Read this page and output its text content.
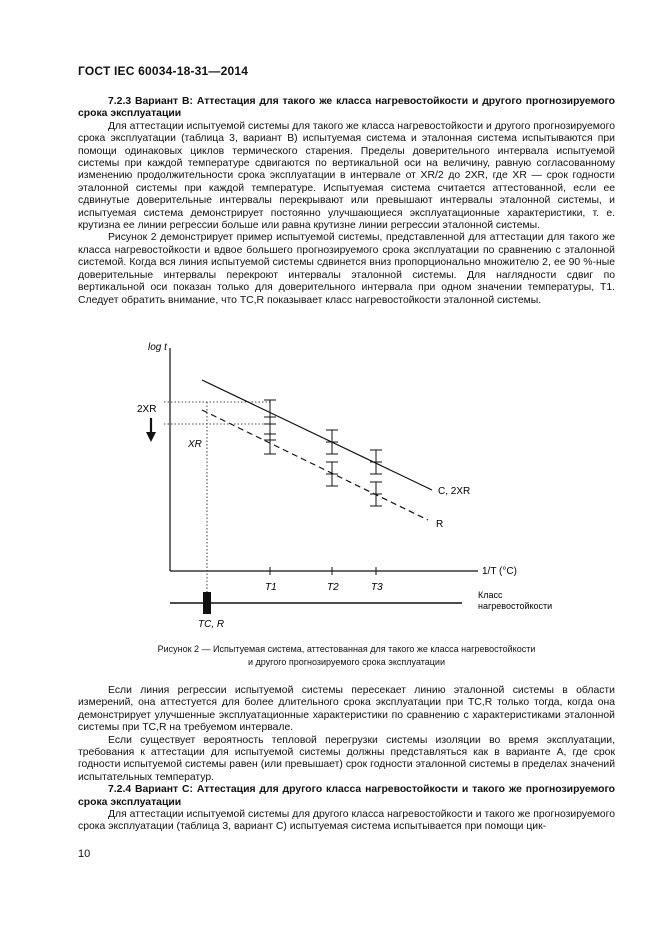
ГОСТ IEC 60034-18-31—2014

7.2.3 Вариант В: Аттестация для такого же класса нагревостойкости и другого прогнозируемого срока эксплуатации

Для аттестации испытуемой системы для такого же класса нагревостойкости и другого прогнозируемого срока эксплуатации (таблица 3, вариант В) испытуемая система и эталонная система испытываются при помощи одинаковых циклов термического старения. Пределы доверительного интервала испытуемой системы при каждой температуре сдвигаются по вертикальной оси на величину, равную согласованному изменению продолжительности срока эксплуатации в интервале от XR/2 до 2XR, где XR — срок годности эталонной системы при каждой температуре. Испытуемая система считается аттестованной, если ее сдвинутые доверительные интервалы перекрывают или превышают интервалы эталонной системы, и испытуемая система демонстрирует постоянно улучшающиеся эксплуатационные характеристики, т. е. крутизна ее линии регрессии больше или равна крутизне линии регрессии эталонной системы.

Рисунок 2 демонстрирует пример испытуемой системы, представленной для аттестации для такого же класса нагревостойкости и вдвое большего прогнозируемого срока эксплуатации по сравнению с эталонной системой. Когда вся линия испытуемой системы сдвинется вниз пропорционально множителю 2, ее 90 %-ные доверительные интервалы перекроют интервалы эталонной системы. Для наглядности сдвиг по вертикальной оси показан только для доверительного интервала при одном значении температуры, T1. Следует обратить внимание, что TC,R показывает класс нагревостойкости эталонной системы.

log t
1/T (°C)
C, 2XR
R
2XR
XR
T1	T2	T3
Класс
нагревостойкости
TC, R
Рисунок 2 — Испытуемая система, аттестованная для такого же класса нагревостойкости
и другого прогнозируемого срока эксплуатации

Если линия регрессии испытуемой системы пересекает линию эталонной системы в области измерений, она аттестуется для более длительного срока эксплуатации при TC,R только тогда, когда она демонстрирует улучшенные эксплуатационные характеристики по сравнению с характеристиками эталонной системы при TC,R на требуемом интервале.

Если существует вероятность тепловой перегрузки системы изоляции во время эксплуатации, требования к аттестации для испытуемой системы должны представляться как в варианте А, где срок годности испытуемой системы равен (или превышает) срок годности эталонной системы в пределах значений испытательных температур.

7.2.4 Вариант С: Аттестация для другого класса нагревостойкости и такого же прогнозируемого срока эксплуатации

Для аттестации испытуемой системы для другого класса нагревостойкости и такого же прогнозируемого срока эксплуатации (таблица 3, вариант С) испытуемая система испытывается при помощи цик-

10
